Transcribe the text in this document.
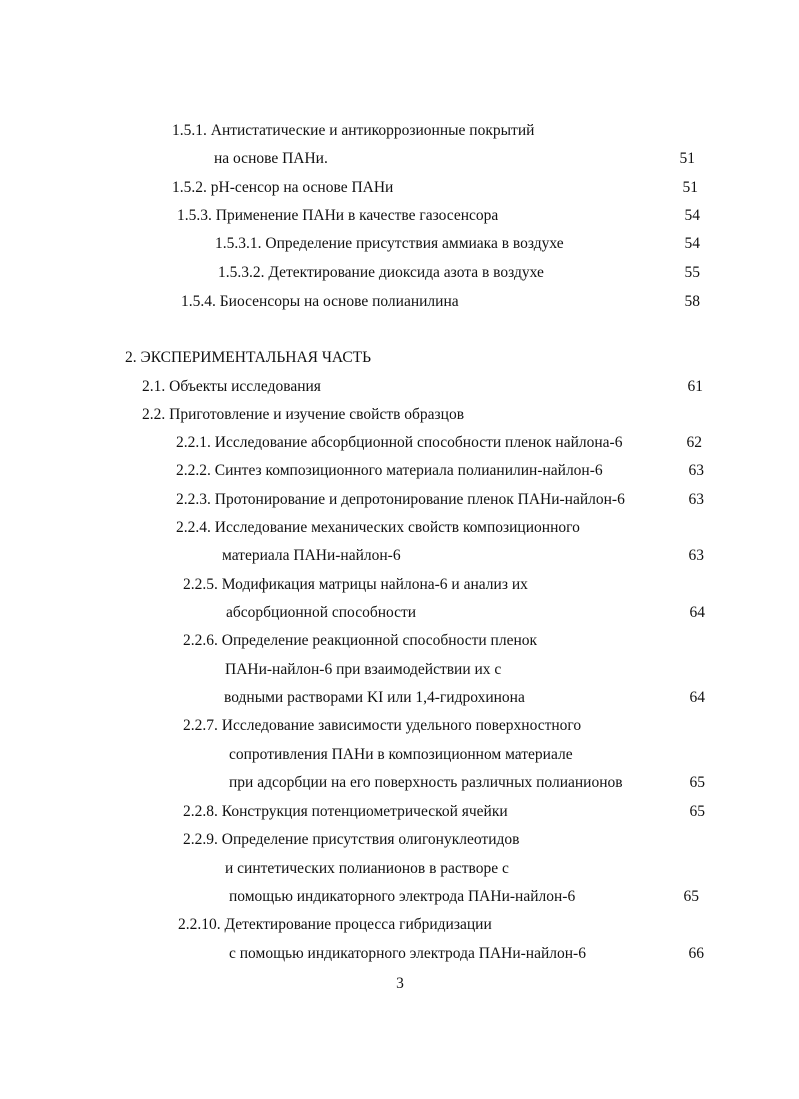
1.5.1. Антистатические и антикоррозионные покрытий
на основе ПАНи.	51
1.5.2. рН-сенсор на основе ПАНи	51
1.5.3. Применение ПАНи в качестве газосенсора	54
1.5.3.1. Определение присутствия аммиака в воздухе	54
1.5.3.2. Детектирование диоксида азота в воздухе	55
1.5.4. Биосенсоры на основе полианилина	58
2. ЭКСПЕРИМЕНТАЛЬНАЯ ЧАСТЬ
2.1. Объекты исследования	61
2.2. Приготовление и изучение свойств образцов
2.2.1. Исследование абсорбционной способности пленок найлона-6	62
2.2.2. Синтез композиционного материала полианилин-найлон-6	63
2.2.3. Протонирование и депротонирование пленок ПАНи-найлон-6	63
2.2.4. Исследование механических свойств композиционного
материала ПАНи-найлон-6	63
2.2.5. Модификация матрицы найлона-6 и анализ их
абсорбционной способности	64
2.2.6. Определение реакционной способности пленок
ПАНи-найлон-6 при взаимодействии их с
водными растворами KI или 1,4-гидрохинона	64
2.2.7. Исследование зависимости удельного поверхностного
сопротивления ПАНи в композиционном материале
при адсорбции на его поверхность различных полианионов	65
2.2.8. Конструкция потенциометрической ячейки	65
2.2.9. Определение присутствия олигонуклеотидов
и синтетических полианионов в растворе с
помощью индикаторного электрода ПАНи-найлон-6	65
2.2.10. Детектирование процесса гибридизации
с помощью индикаторного электрода ПАНи-найлон-6	66
3
